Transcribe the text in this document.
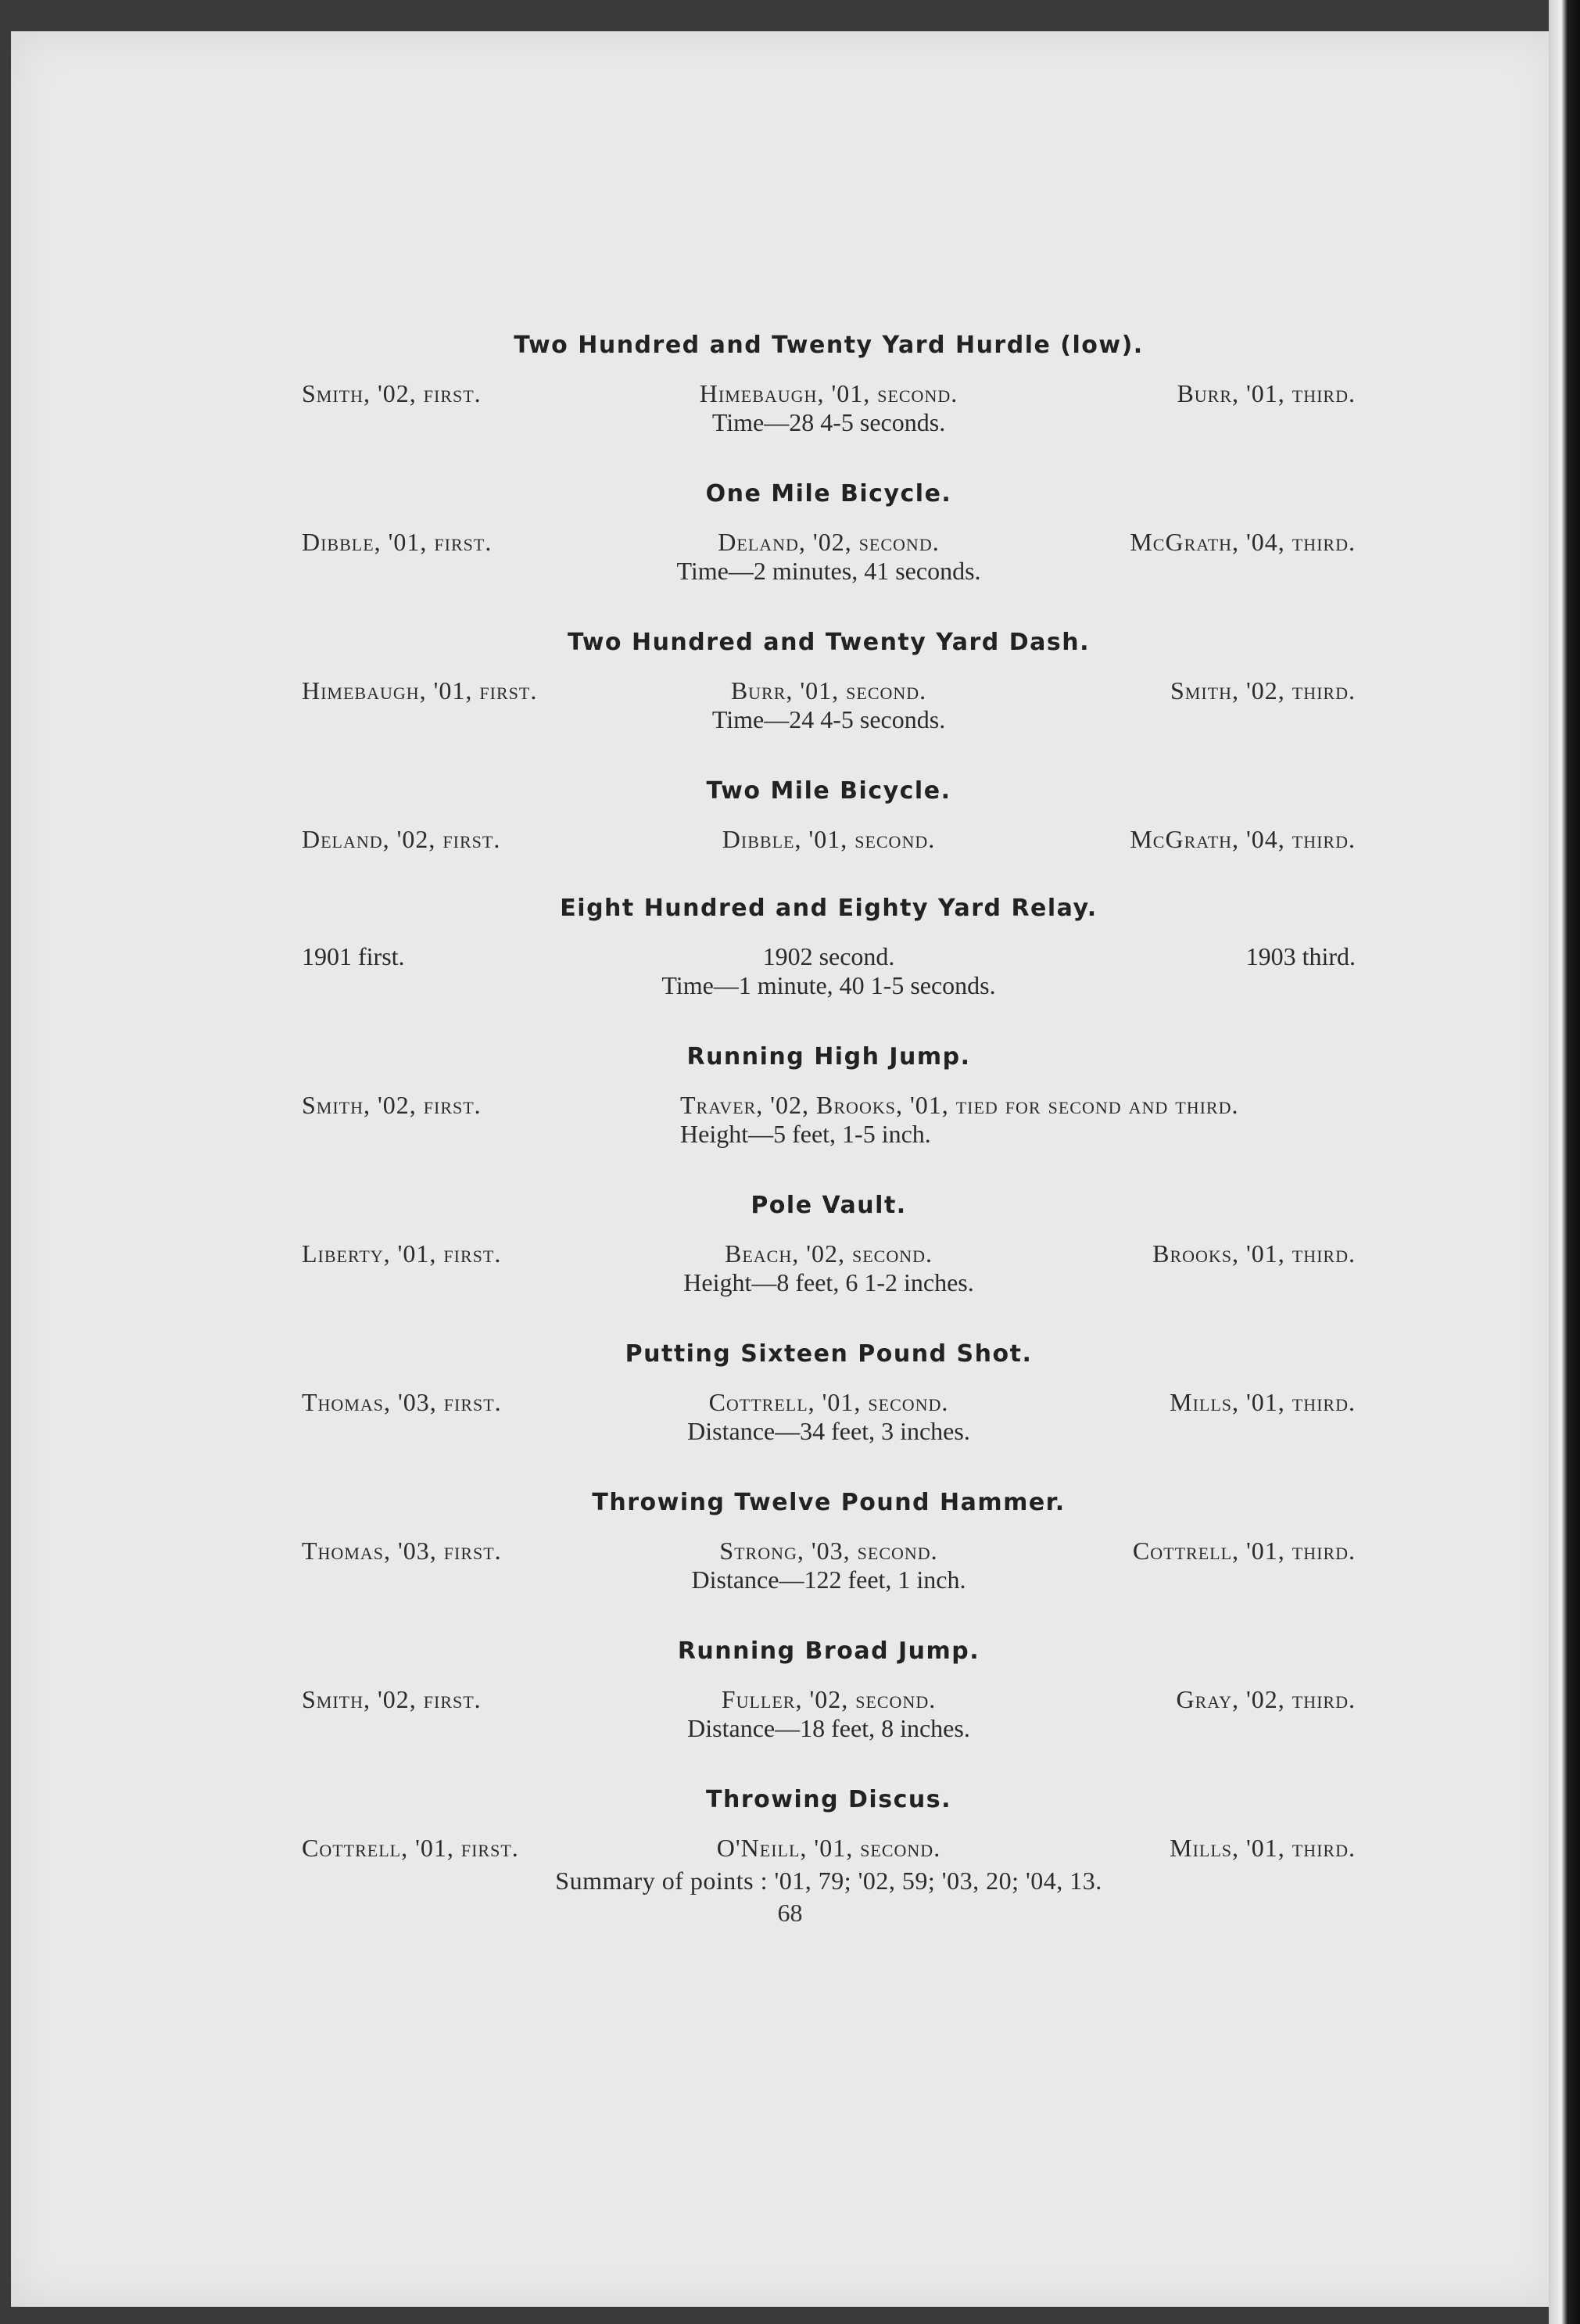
Two Hundred and Twenty Yard Hurdle (low).
Smith, '02, first.	Himebaugh, '01, second.	Burr, '01, third.
Time—28 4-5 seconds.
One Mile Bicycle.
Dibble, '01, first.	Deland, '02, second.	McGrath, '04, third.
Time—2 minutes, 41 seconds.
Two Hundred and Twenty Yard Dash.
Himebaugh, '01, first.	Burr, '01, second.	Smith, '02, third.
Time—24 4-5 seconds.
Two Mile Bicycle.
Deland, '02, first.	Dibble, '01, second.	McGrath, '04, third.
Eight Hundred and Eighty Yard Relay.
1901 first.	1902 second.	1903 third.
Time—1 minute, 40 1-5 seconds.
Running High Jump.
Smith, '02, first.	Traver, '02, Brooks, '01, tied for second and third.
Height—5 feet, 1-5 inch.
Pole Vault.
Liberty, '01, first.	Beach, '02, second.	Brooks, '01, third.
Height—8 feet, 6 1-2 inches.
Putting Sixteen Pound Shot.
Thomas, '03, first.	Cottrell, '01, second.	Mills, '01, third.
Distance—34 feet, 3 inches.
Throwing Twelve Pound Hammer.
Thomas, '03, first.	Strong, '03, second.	Cottrell, '01, third.
Distance—122 feet, 1 inch.
Running Broad Jump.
Smith, '02, first.	Fuller, '02, second.	Gray, '02, third.
Distance—18 feet, 8 inches.
Throwing Discus.
Cottrell, '01, first.	O'Neill, '01, second.	Mills, '01, third.
Summary of points : '01, 79; '02, 59; '03, 20; '04, 13.
68
